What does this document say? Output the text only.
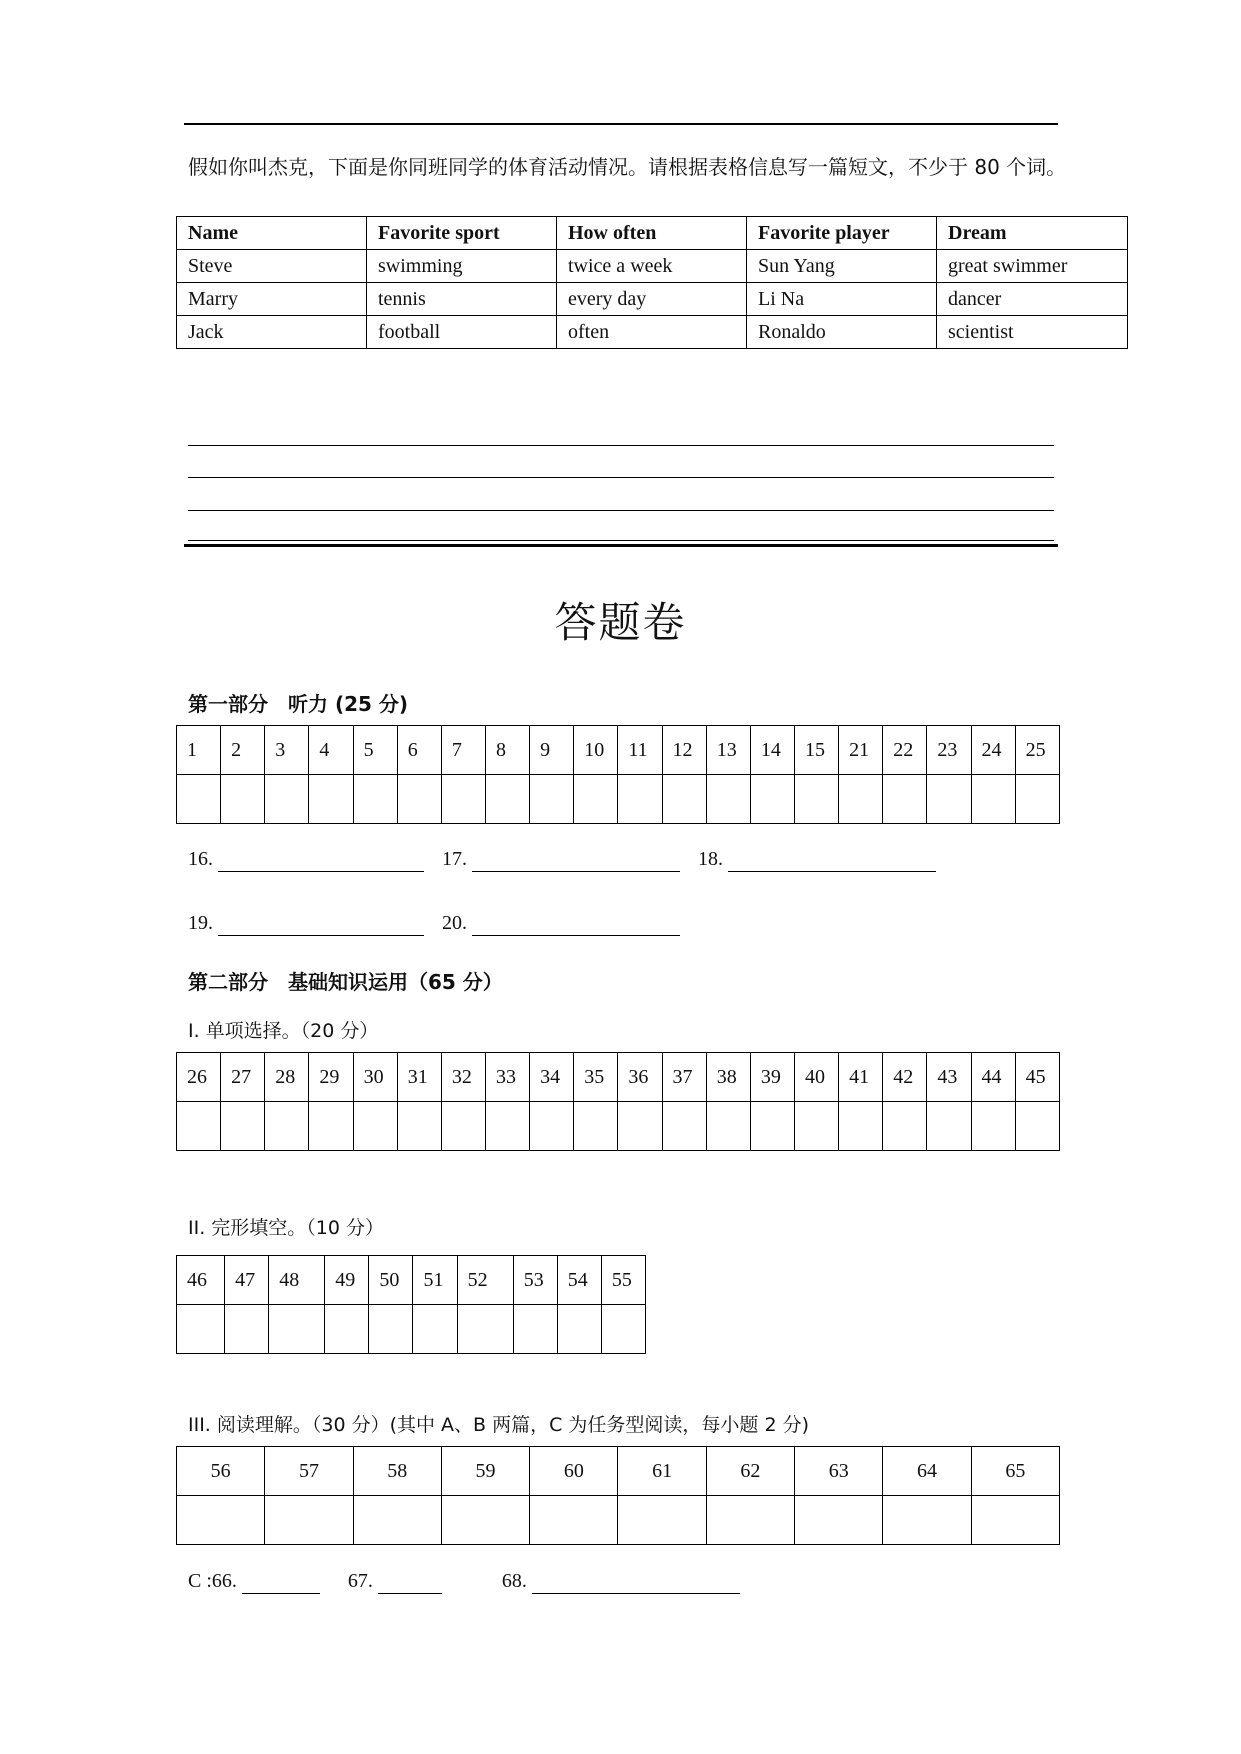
假如你叫杰克，下面是你同班同学的体育活动情况。请根据表格信息写一篇短文，不少于 80 个词。
Name	Favorite sport	How often	Favorite player	Dream
Steve	swimming	twice a week	Sun Yang	great swimmer
Marry	tennis	every day	Li Na	dancer
Jack	football	often	Ronaldo	scientist
答题卷
第一部分　听力 (25 分)
1	2	3	4	5	6	7	8	9	10	11	12	13	14	15	21	22	23	24	25

16.	17.	18.
19.	20.
第二部分　基础知识运用（65 分）
Ⅰ. 单项选择。（20 分）
26	27	28	29	30	31	32	33	34	35	36	37	38	39	40	41	42	43	44	45

II. 完形填空。（10 分）
46	47	48	49	50	51	52	53	54	55

III. 阅读理解。（30 分）(其中 A、B 两篇，C 为任务型阅读，每小题 2 分)
56	57	58	59	60	61	62	63	64	65

C :66.	67.	68.
